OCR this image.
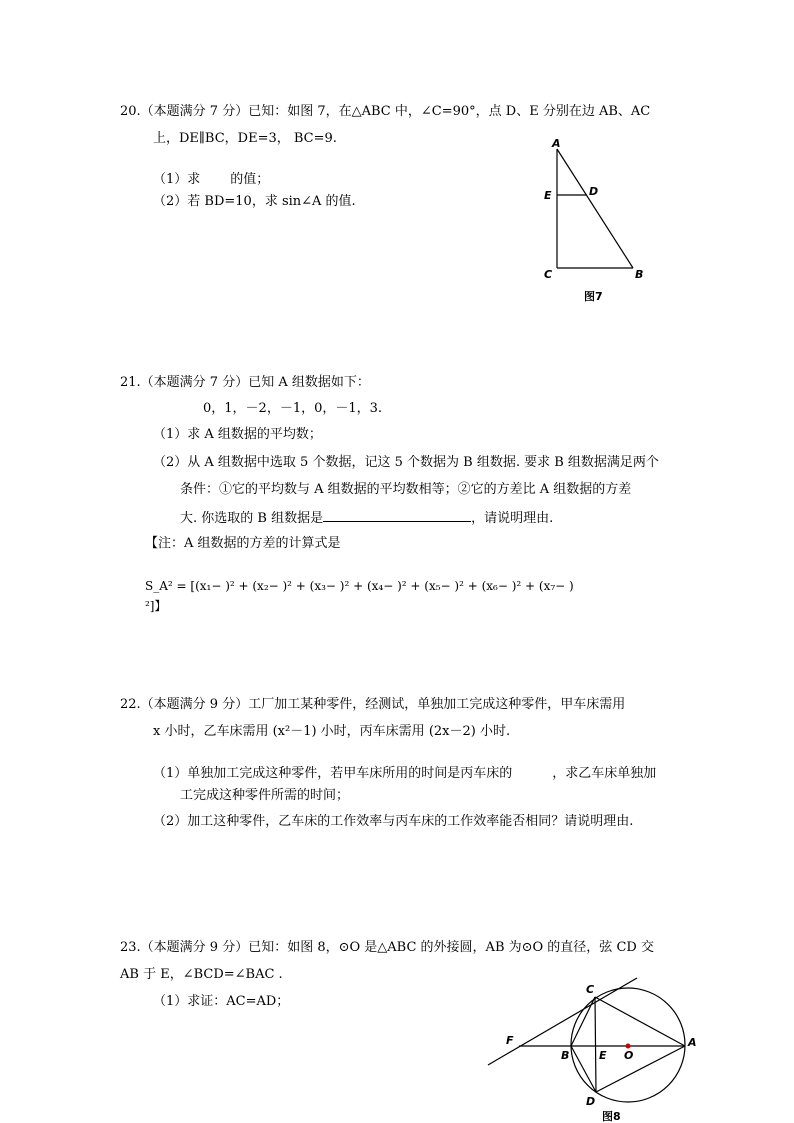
20.（本题满分 7 分）已知：如图 7，在△ABC 中，∠C=90°，点 D、E 分别在边 AB、AC
上，DE∥BC，DE=3， BC=9.
（1）求 的值；
（2）若 BD=10，求 sin∠A 的值.
A
E	D
C	B
图7
21.（本题满分 7 分）已知 A 组数据如下：
0，1，－2，－1，0，－1，3.
（1）求 A 组数据的平均数；
（2）从 A 组数据中选取 5 个数据，记这 5 个数据为 B 组数据. 要求 B 组数据满足两个
条件：①它的平均数与 A 组数据的平均数相等；②它的方差比 A 组数据的方差
大. 你选取的 B 组数据是	，请说明理由.
【注：A 组数据的方差的计算式是
S_A² = [(x₁− )² + (x₂− )² + (x₃− )² + (x₄− )² + (x₅− )² + (x₆− )² + (x₇− )
²]】
22.（本题满分 9 分）工厂加工某种零件，经测试，单独加工完成这种零件，甲车床需用
x 小时，乙车床需用 (x²－1) 小时，丙车床需用 (2x－2) 小时.
（1）单独加工完成这种零件，若甲车床所用的时间是丙车床的	，求乙车床单独加
工完成这种零件所需的时间；
（2）加工这种零件，乙车床的工作效率与丙车床的工作效率能否相同？请说明理由.
23.（本题满分 9 分）已知：如图 8，⊙O 是△ABC 的外接圆，AB 为⊙O 的直径，弦 CD 交
AB 于 E，∠BCD=∠BAC .
（1）求证：AC=AD；
C
F
B	E O
A
D
图8
